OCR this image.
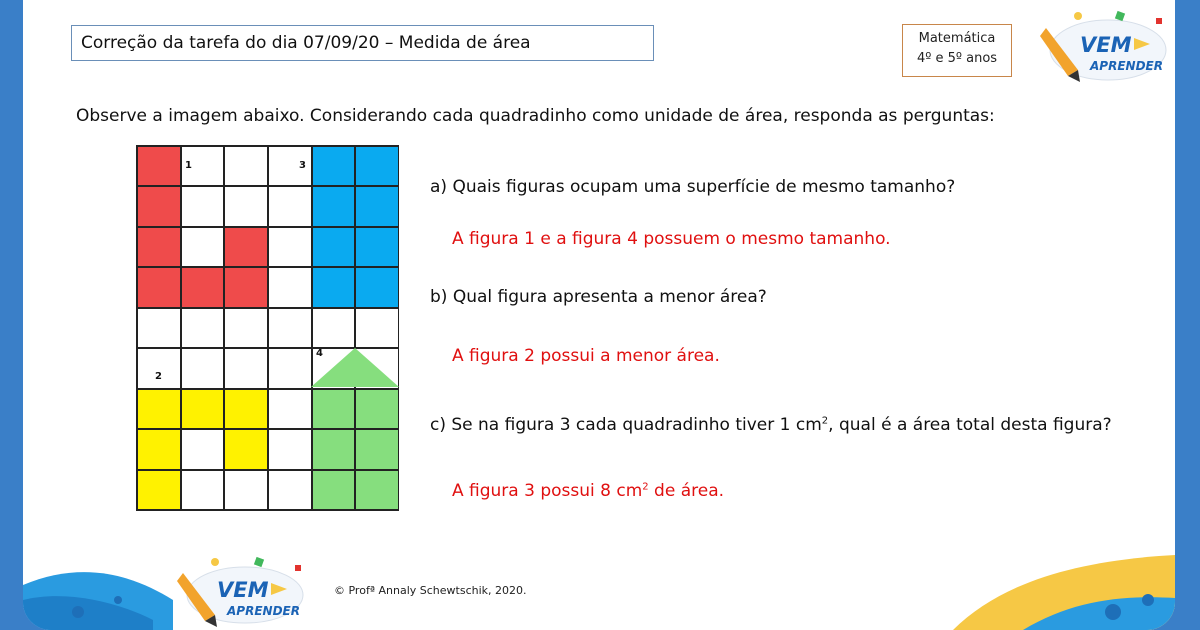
Correção da tarefa do dia 07/09/20 – Medida de área	Matemática
4º e 5º anos
VEM
APRENDER
Observe a imagem abaixo. Considerando cada quadradinho como unidade de área, responda as perguntas:
1	3
2
4
a) Quais figuras ocupam uma superfície de mesmo tamanho?
A figura 1 e a figura 4 possuem o mesmo tamanho.
b) Qual figura apresenta a menor área?
A figura 2 possui a menor área.
c) Se na figura 3 cada quadradinho tiver 1 $cm^2$, qual é a área total desta figura?
A figura 3 possui 8 $cm^2$ de área.
VEM
APRENDER
© Profª Annaly Schewtschik, 2020.
